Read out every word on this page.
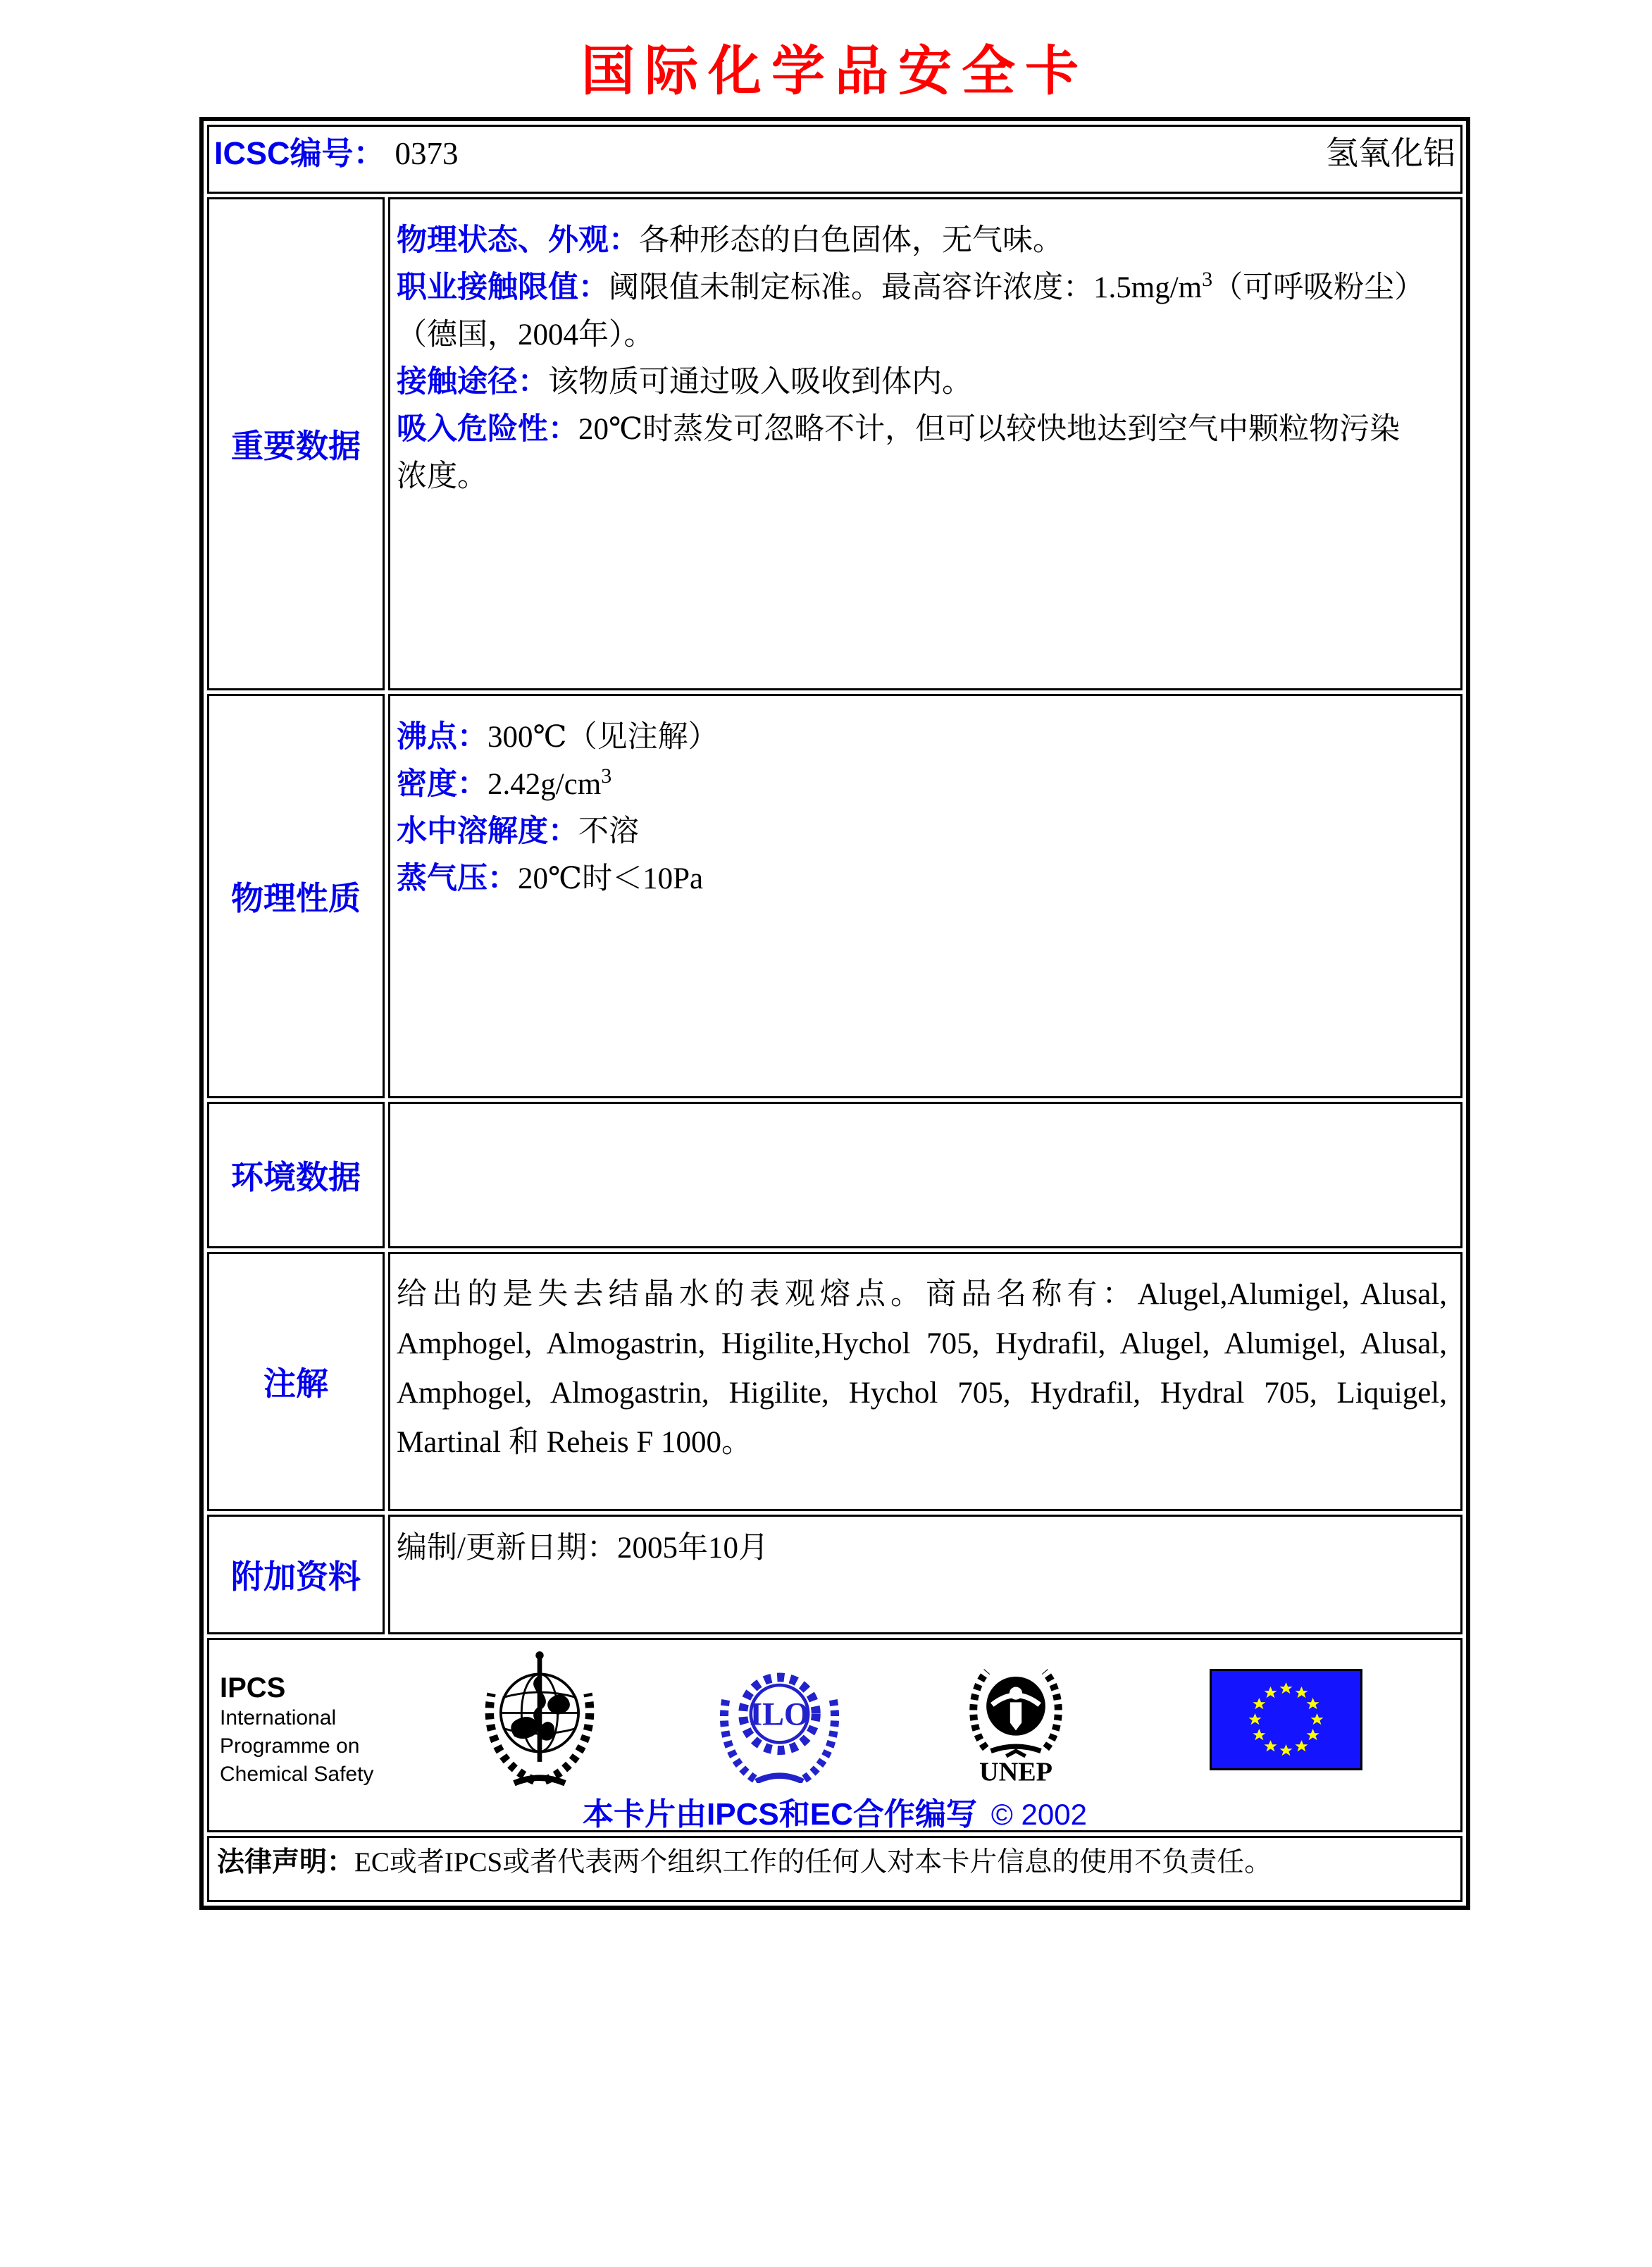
国际化学品安全卡
ICSC编号： 0373 氢氧化铝	

重要数据	物理状态、外观：各种形态的白色固体，无气味。

职业接触限值：阈限值未制定标准。最高容许浓度：$1.5mg/m^3$（可呼吸粉尘）（德国，2004年）。

接触途径：该物质可通过吸入吸收到体内。

吸入危险性：20℃时蒸发可忽略不计，但可以较快地达到空气中颗粒物污染浓度。

物理性质	沸点：300℃（见注解）

密度：$2.42g/cm^3$

水中溶解度：不溶

蒸气压：20℃时＜10Pa

环境数据	

注解	给出的是失去结晶水的表观熔点。商品名称有：Alugel,Alumigel, Alusal, Amphogel, Almogastrin, Higilite,Hychol 705, Hydrafil, Alugel, Alumigel, Alusal, Amphogel, Almogastrin, Higilite, Hychol 705, Hydrafil, Hydral 705, Liquigel, Martinal 和 Reheis F 1000。

附加资料	编制/更新日期：2005年10月

IPCS
International
Programme on
Chemical Safety
ILO
UNEP
本卡片由IPCS和EC合作编写 © 2002

法律声明：EC或者IPCS或者代表两个组织工作的任何人对本卡片信息的使用不负责任。	
